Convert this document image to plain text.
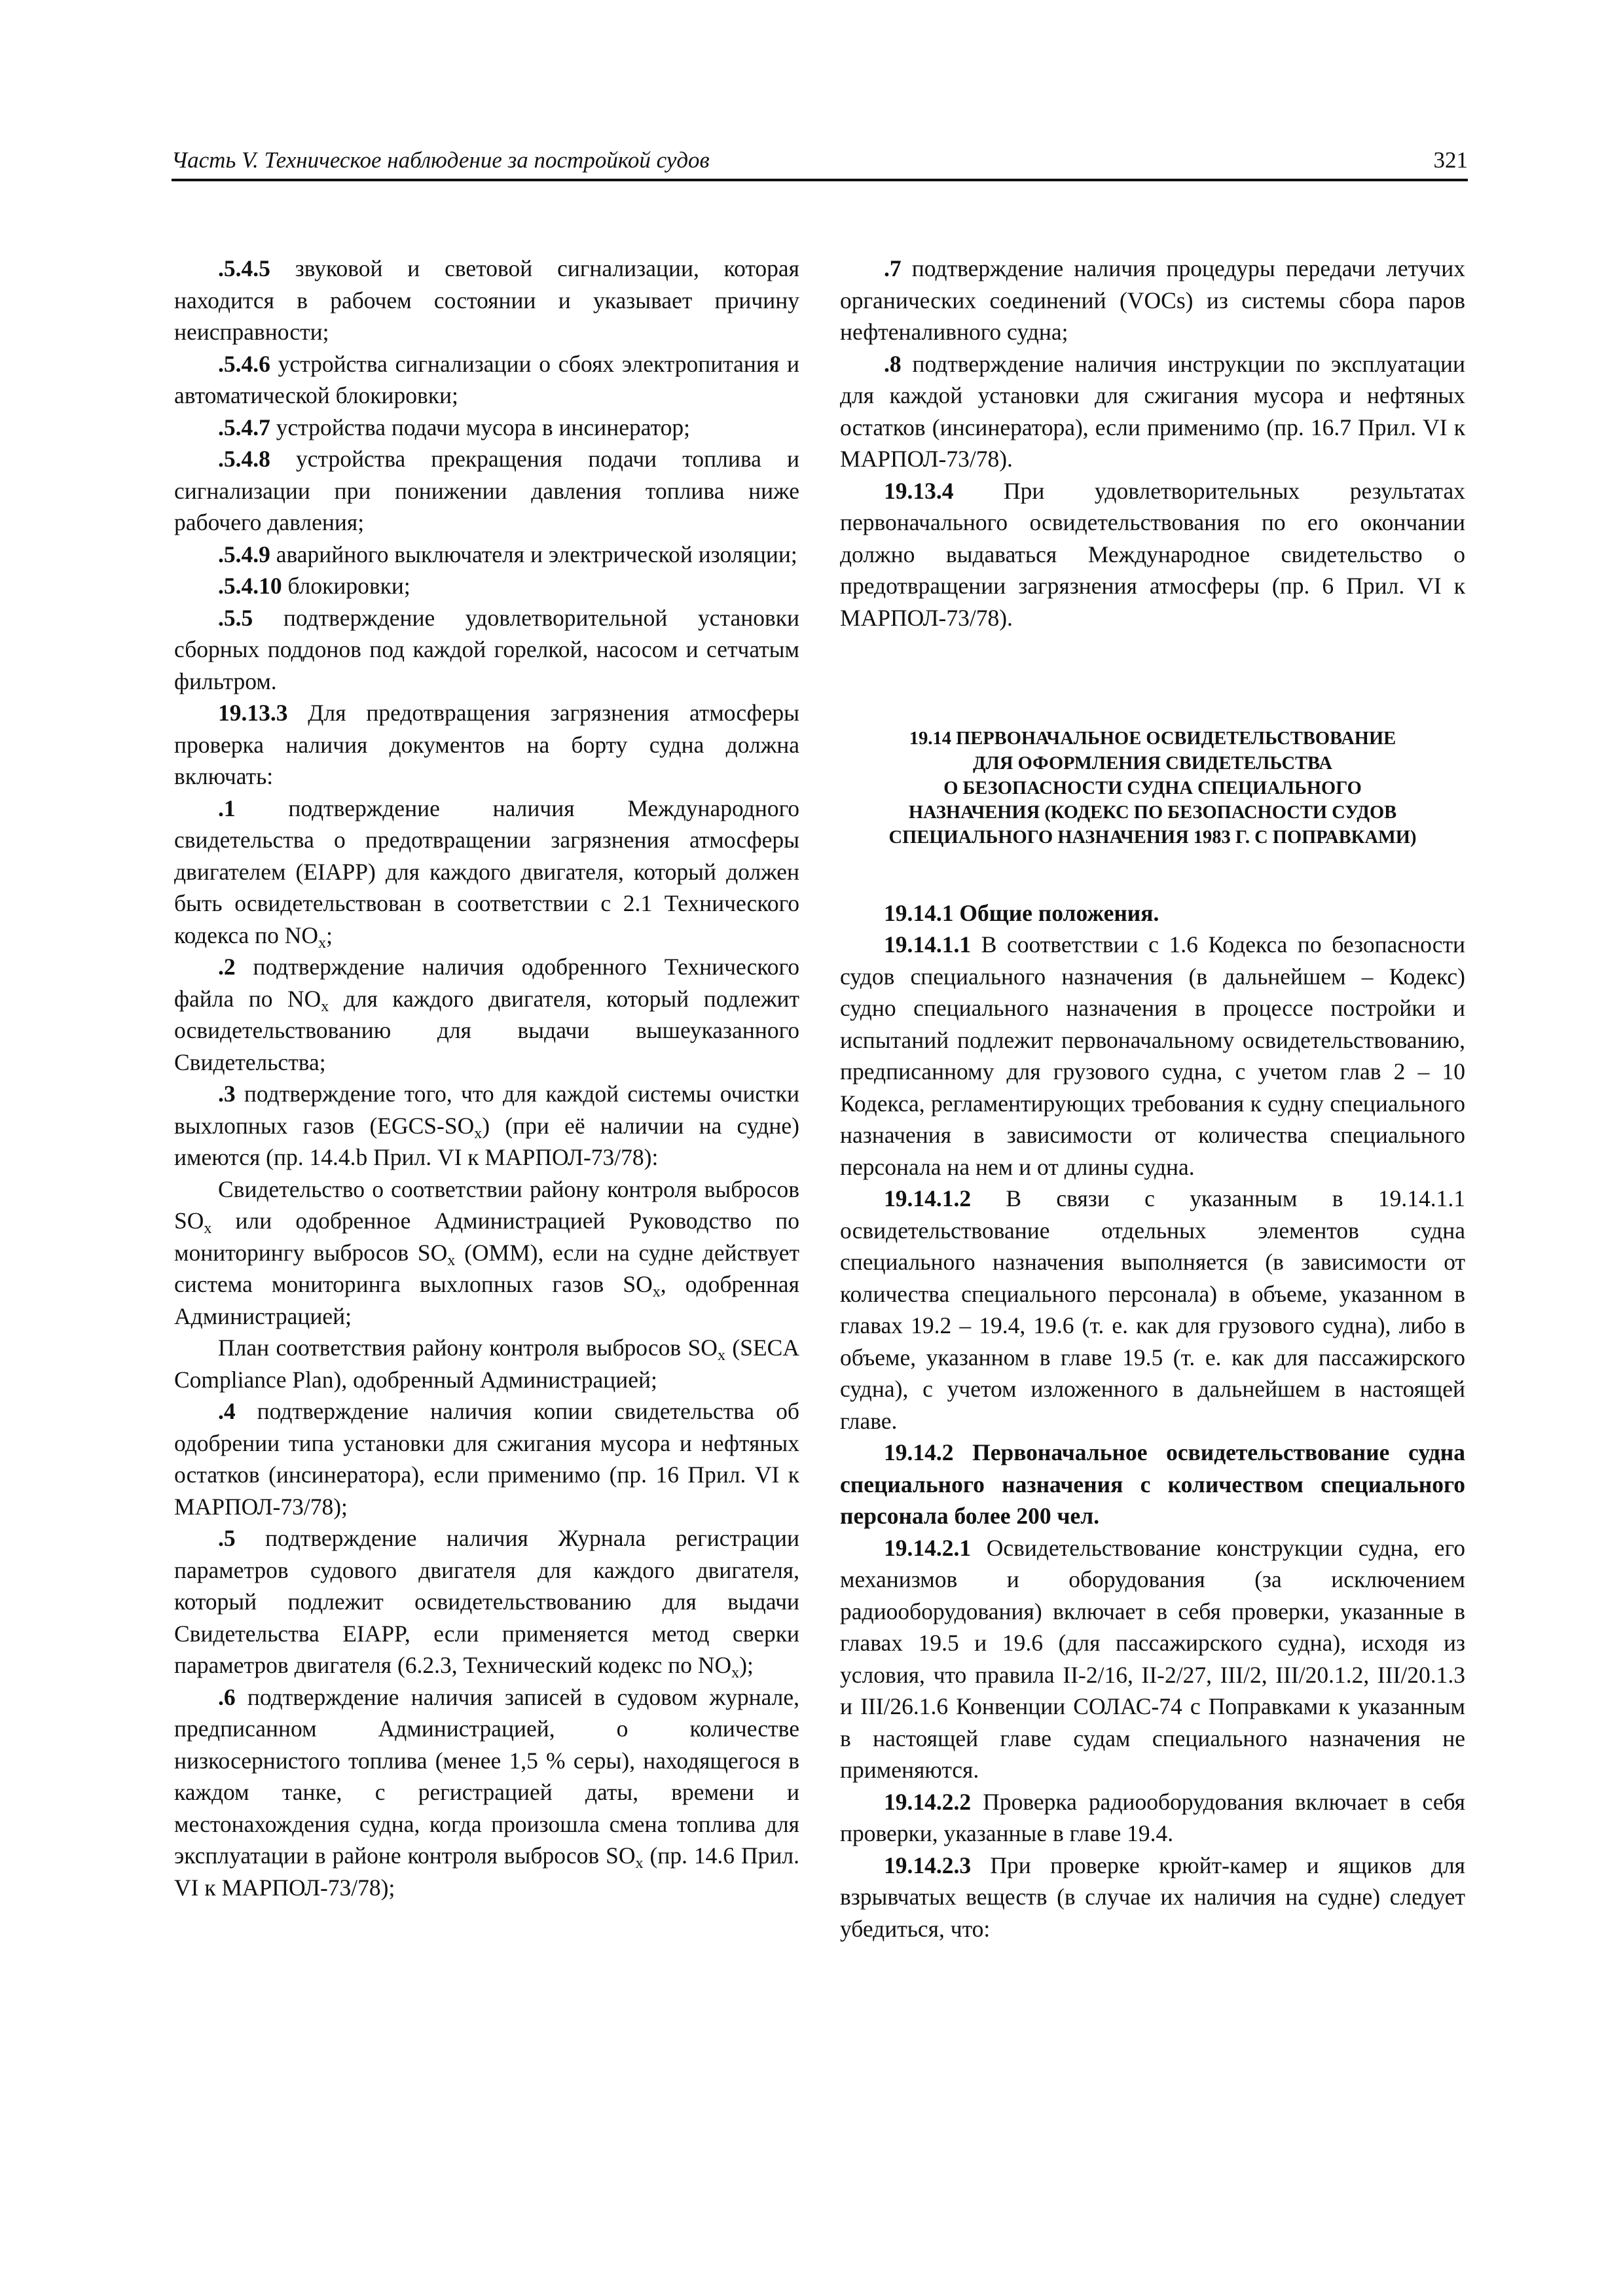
Часть V. Техническое наблюдение за постройкой судов	321

.5.4.5 звуковой и световой сигнализации, которая находится в рабочем состоянии и указывает причину неисправности;

.5.4.6 устройства сигнализации о сбоях электропитания и автоматической блокировки;

.5.4.7 устройства подачи мусора в инсинератор;

.5.4.8 устройства прекращения подачи топлива и сигнализации при понижении давления топлива ниже рабочего давления;

.5.4.9 аварийного выключателя и электрической изоляции;

.5.4.10 блокировки;

.5.5 подтверждение удовлетворительной установки сборных поддонов под каждой горелкой, насосом и сетчатым фильтром.

19.13.3 Для предотвращения загрязнения атмосферы проверка наличия документов на борту судна должна включать:

.1 подтверждение наличия Международного свидетельства о предотвращении загрязнения атмосферы двигателем (EIAPP) для каждого двигателя, который должен быть освидетельствован в соответствии с 2.1 Технического кодекса по $NO_x$;

.2 подтверждение наличия одобренного Технического файла по $NO_x$ для каждого двигателя, который подлежит освидетельствованию для выдачи вышеуказанного Свидетельства;

.3 подтверждение того, что для каждой системы очистки выхлопных газов $(EGCS-SO_x)$ (при её наличии на судне) имеются (пр. 14.4.b Прил. VI к МАРПОЛ-73/78):

Свидетельство о соответствии району контроля выбросов $SO_x$ или одобренное Администрацией Руководство по мониторингу выбросов $SO_x$ (ОММ), если на судне действует система мониторинга выхлопных газов $SO_x$, одобренная Администрацией;

План соответствия району контроля выбросов $SO_x$ (SECA Compliance Plan), одобренный Администрацией;

.4 подтверждение наличия копии свидетельства об одобрении типа установки для сжигания мусора и нефтяных остатков (инсинератора), если применимо (пр. 16 Прил. VI к МАРПОЛ-73/78);

.5 подтверждение наличия Журнала регистрации параметров судового двигателя для каждого двигателя, который подлежит освидетельствованию для выдачи Свидетельства EIAPP, если применяется метод сверки параметров двигателя (6.2.3, Технический кодекс по $NO_x$);

.6 подтверждение наличия записей в судовом журнале, предписанном Администрацией, о количестве низкосернистого топлива (менее 1,5 % серы), находящегося в каждом танке, с регистрацией даты, времени и местонахождения судна, когда произошла смена топлива для эксплуатации в районе контроля выбросов $SO_x$ (пр. 14.6 Прил. VI к МАРПОЛ-73/78);

.7 подтверждение наличия процедуры передачи летучих органических соединений (VOCs) из системы сбора паров нефтеналивного судна;

.8 подтверждение наличия инструкции по эксплуатации для каждой установки для сжигания мусора и нефтяных остатков (инсинератора), если применимо (пр. 16.7 Прил. VI к МАРПОЛ-73/78).

19.13.4 При удовлетворительных результатах первоначального освидетельствования по его окончании должно выдаваться Международное свидетельство о предотвращении загрязнения атмосферы (пр. 6 Прил. VI к МАРПОЛ-73/78).

19.14 ПЕРВОНАЧАЛЬНОЕ ОСВИДЕТЕЛЬСТВОВАНИЕ
ДЛЯ ОФОРМЛЕНИЯ СВИДЕТЕЛЬСТВА
О БЕЗОПАСНОСТИ СУДНА СПЕЦИАЛЬНОГО
НАЗНАЧЕНИЯ (КОДЕКС ПО БЕЗОПАСНОСТИ СУДОВ
СПЕЦИАЛЬНОГО НАЗНАЧЕНИЯ 1983 Г. С ПОПРАВКАМИ)

19.14.1 Общие положения.

19.14.1.1 В соответствии с 1.6 Кодекса по безопасности судов специального назначения (в дальнейшем – Кодекс) судно специального назначения в процессе постройки и испытаний подлежит первоначальному освидетельствованию, предписанному для грузового судна, с учетом глав 2 – 10 Кодекса, регламентирующих требования к судну специального назначения в зависимости от количества специального персонала на нем и от длины судна.

19.14.1.2 В связи с указанным в 19.14.1.1 освидетельствование отдельных элементов судна специального назначения выполняется (в зависимости от количества специального персонала) в объеме, указанном в главах 19.2 – 19.4, 19.6 (т. е. как для грузового судна), либо в объеме, указанном в главе 19.5 (т. е. как для пассажирского судна), с учетом изложенного в дальнейшем в настоящей главе.

19.14.2 Первоначальное освидетельствование судна специального назначения с количеством специального персонала более 200 чел.

19.14.2.1 Освидетельствование конструкции судна, его механизмов и оборудования (за исключением радиооборудования) включает в себя проверки, указанные в главах 19.5 и 19.6 (для пассажирского судна), исходя из условия, что правила II-2/16, II-2/27, III/2, III/20.1.2, III/20.1.3 и III/26.1.6 Конвенции СОЛАС-74 с Поправками к указанным в настоящей главе судам специального назначения не применяются.

19.14.2.2 Проверка радиооборудования включает в себя проверки, указанные в главе 19.4.

19.14.2.3 При проверке крюйт-камер и ящиков для взрывчатых веществ (в случае их наличия на судне) следует убедиться, что:
